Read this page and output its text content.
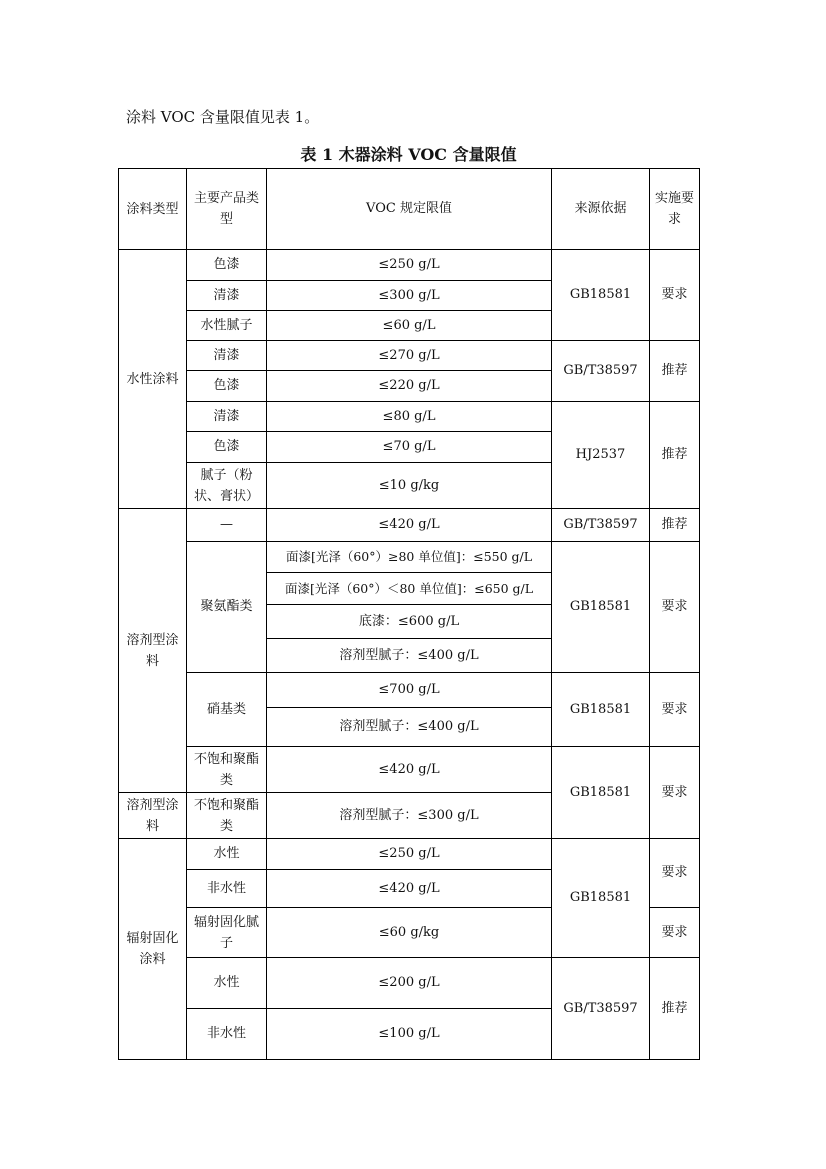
涂料 VOC 含量限值见表 1。
表 1 木器涂料 VOC 含量限值
涂料类型	主要产品类型	VOC 规定限值	来源依据	实施要求
水性涂料	色漆	≤250 g/L	GB18581	要求
	清漆	≤300 g/L		
	水性腻子	≤60 g/L		
	清漆	≤270 g/L	GB/T38597	推荐
	色漆	≤220 g/L		
	清漆	≤80 g/L	HJ2537	推荐
	色漆	≤70 g/L		
	腻子（粉状、膏状）	≤10 g/kg		
溶剂型涂料	—	≤420 g/L	GB/T38597	推荐
	聚氨酯类	面漆[光泽（60°）≥80 单位值]：≤550 g/L	GB18581	要求
		面漆[光泽（60°）＜80 单位值]：≤650 g/L		
		底漆：≤600 g/L		
		溶剂型腻子：≤400 g/L		
	硝基类	≤700 g/L	GB18581	要求
		溶剂型腻子：≤400 g/L		
	不饱和聚酯类	≤420 g/L	GB18581	要求
溶剂型涂料	不饱和聚酯类	溶剂型腻子：≤300 g/L		
辐射固化涂料	水性	≤250 g/L	GB18581	要求
	非水性	≤420 g/L		
	辐射固化腻子	≤60 g/kg		要求
	水性	≤200 g/L	GB/T38597	推荐
	非水性	≤100 g/L		
